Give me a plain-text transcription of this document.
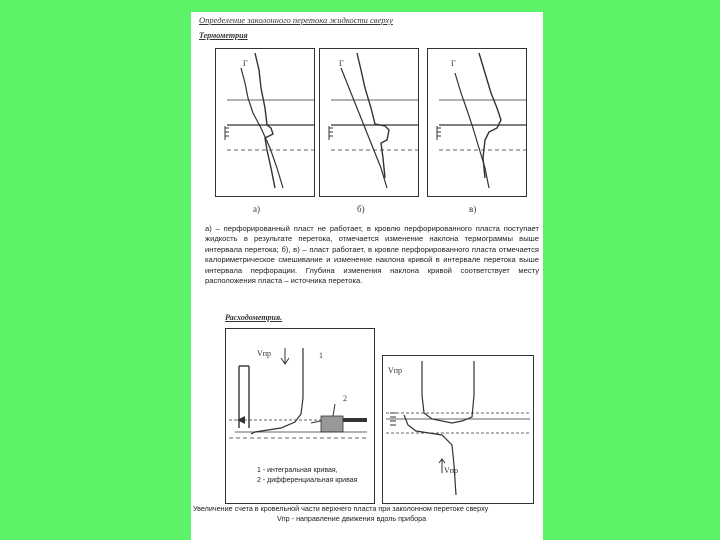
Определение заколонного перетока жидкости сверху
Термометрия
Г
а)
Г
б)
Г
в)
а) – перфорированный пласт не работает, в кровлю перфорированного пласта поступает жидкость в результате перетока, отмечается изменение наклона термограммы выше интервала перетока; б), в) – пласт работает, в кровле перфорированного пласта отмечается калориметрическое смешивание и изменение наклона кривой в интервале перетока выше интервала перфорации. Глубина изменения наклона кривой соответствует месту расположения пласта – источника перетока.
Расходометрия.
Vпр	1
2
1 - интегральная кривая,
2 - дифференциальная кривая
Vпр
Vпр
Увеличение счета в кровельной части верхнего пласта при заколонном перетоке сверху
Vпр - направление движения вдоль прибора
